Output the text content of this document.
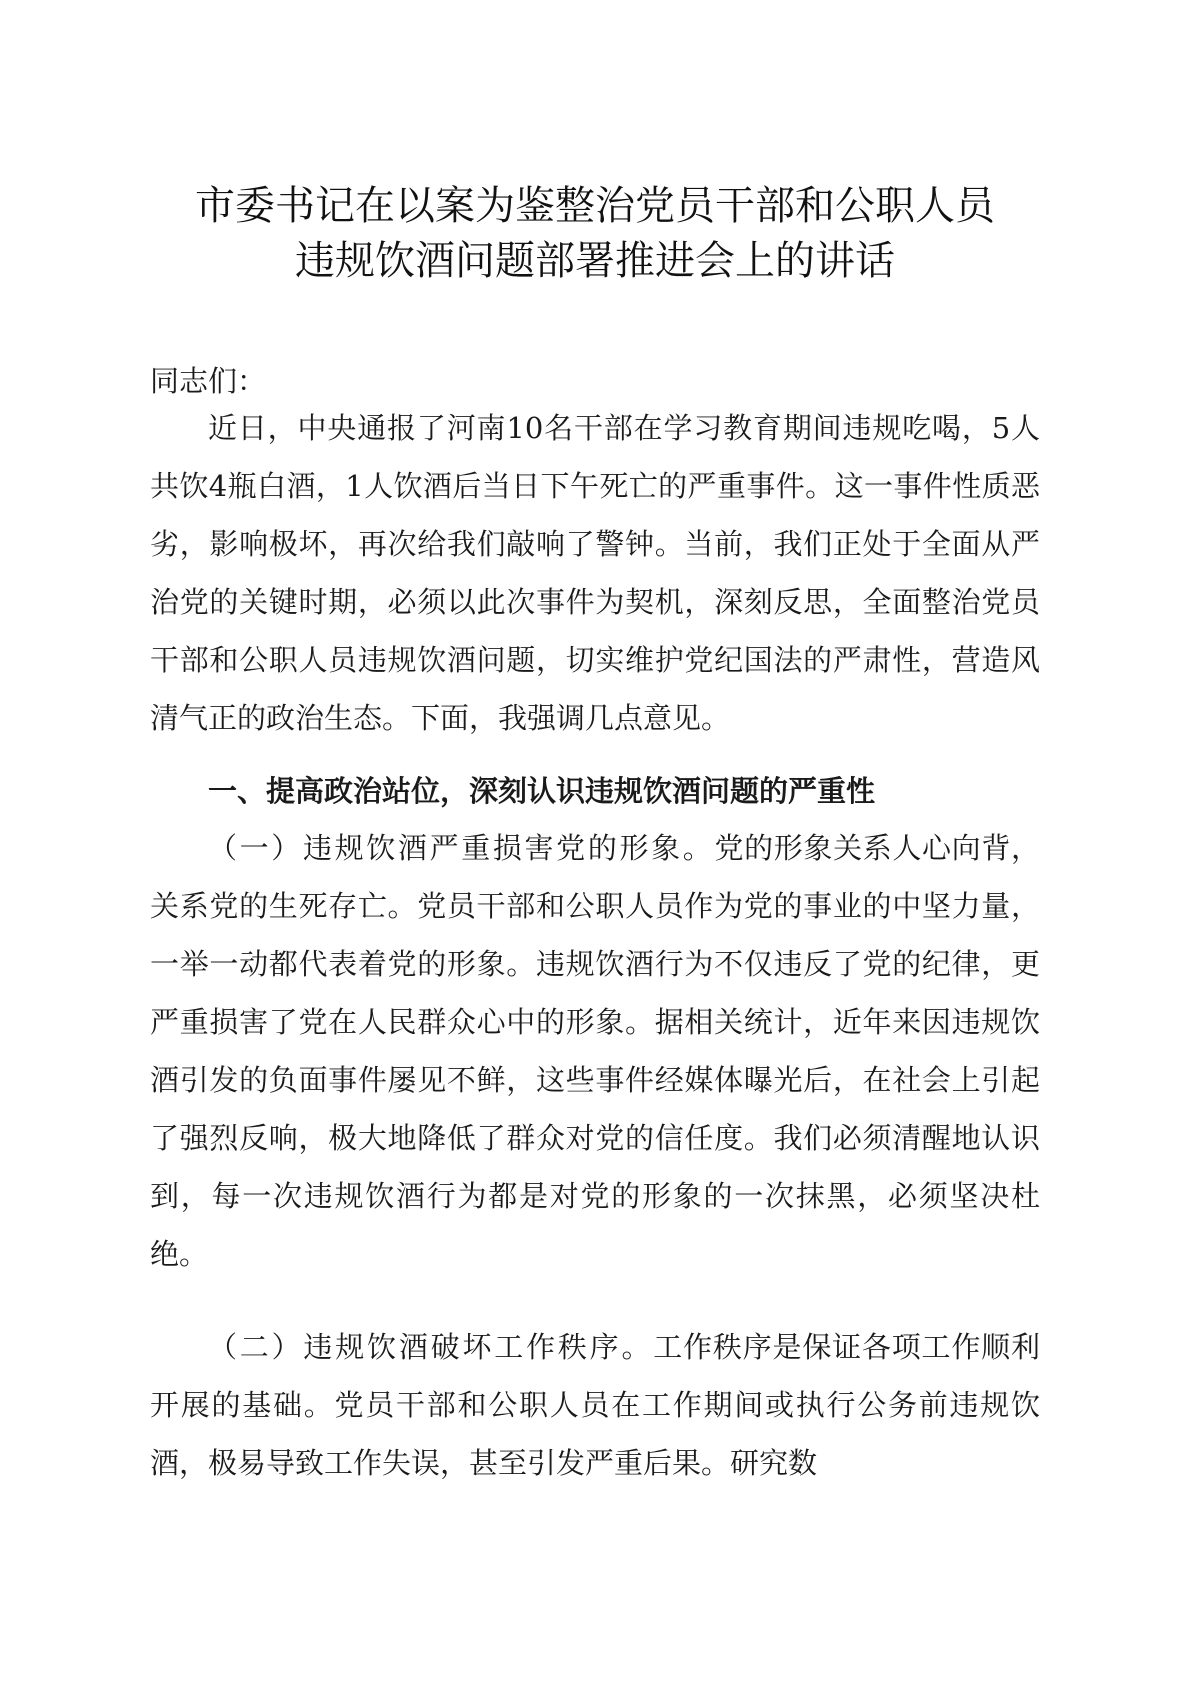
市委书记在以案为鉴整治党员干部和公职人员
违规饮酒问题部署推进会上的讲话

同志们：

近日，中央通报了河南10名干部在学习教育期间违规吃喝，5人共饮4瓶白酒，1人饮酒后当日下午死亡的严重事件。这一事件性质恶劣，影响极坏，再次给我们敲响了警钟。当前，我们正处于全面从严治党的关键时期，必须以此次事件为契机，深刻反思，全面整治党员干部和公职人员违规饮酒问题，切实维护党纪国法的严肃性，营造风清气正的政治生态。下面，我强调几点意见。

一、提高政治站位，深刻认识违规饮酒问题的严重性

（一）违规饮酒严重损害党的形象。党的形象关系人心向背，关系党的生死存亡。党员干部和公职人员作为党的事业的中坚力量，一举一动都代表着党的形象。违规饮酒行为不仅违反了党的纪律，更严重损害了党在人民群众心中的形象。据相关统计，近年来因违规饮酒引发的负面事件屡见不鲜，这些事件经媒体曝光后，在社会上引起了强烈反响，极大地降低了群众对党的信任度。我们必须清醒地认识到，每一次违规饮酒行为都是对党的形象的一次抹黑，必须坚决杜绝。

（二）违规饮酒破坏工作秩序。工作秩序是保证各项工作顺利开展的基础。党员干部和公职人员在工作期间或执行公务前违规饮酒，极易导致工作失误，甚至引发严重后果。研究数
